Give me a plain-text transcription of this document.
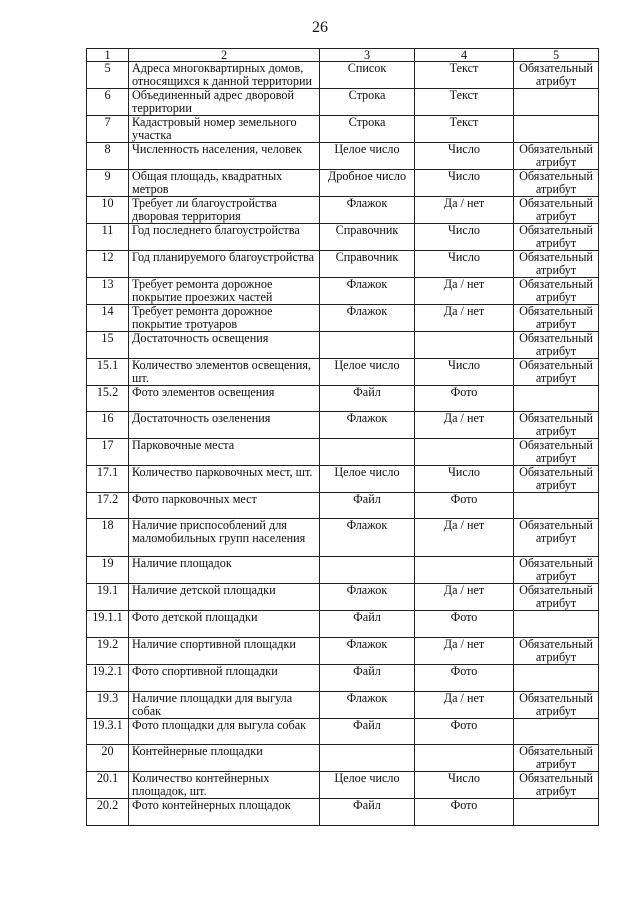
26
1	2	3	4	5
5	Адреса многоквартирных домов, относящихся к данной территории	Список	Текст	Обязательный атрибут
6	Объединенный адрес дворовой территории	Строка	Текст	
7	Кадастровый номер земельного участка	Строка	Текст	
8	Численность населения, человек	Целое число	Число	Обязательный атрибут
9	Общая площадь, квадратных метров	Дробное число	Число	Обязательный атрибут
10	Требует ли благоустройства дворовая территория	Флажок	Да / нет	Обязательный атрибут
11	Год последнего благоустройства	Справочник	Число	Обязательный атрибут
12	Год планируемого благоустройства	Справочник	Число	Обязательный атрибут
13	Требует ремонта дорожное покрытие проезжих частей	Флажок	Да / нет	Обязательный атрибут
14	Требует ремонта дорожное покрытие тротуаров	Флажок	Да / нет	Обязательный атрибут
15	Достаточность освещения			Обязательный атрибут
15.1	Количество элементов освещения, шт.	Целое число	Число	Обязательный атрибут
15.2	Фото элементов освещения	Файл	Фото	
16	Достаточность озеленения	Флажок	Да / нет	Обязательный атрибут
17	Парковочные места			Обязательный атрибут
17.1	Количество парковочных мест, шт.	Целое число	Число	Обязательный атрибут
17.2	Фото парковочных мест	Файл	Фото	
18	Наличие приспособлений для маломобильных групп населения	Флажок	Да / нет	Обязательный атрибут
19	Наличие площадок			Обязательный атрибут
19.1	Наличие детской площадки	Флажок	Да / нет	Обязательный атрибут
19.1.1	Фото детской площадки	Файл	Фото	
19.2	Наличие спортивной площадки	Флажок	Да / нет	Обязательный атрибут
19.2.1	Фото спортивной площадки	Файл	Фото	
19.3	Наличие площадки для выгула собак	Флажок	Да / нет	Обязательный атрибут
19.3.1	Фото площадки для выгула собак	Файл	Фото	
20	Контейнерные площадки			Обязательный атрибут
20.1	Количество контейнерных площадок, шт.	Целое число	Число	Обязательный атрибут
20.2	Фото контейнерных площадок	Файл	Фото	
